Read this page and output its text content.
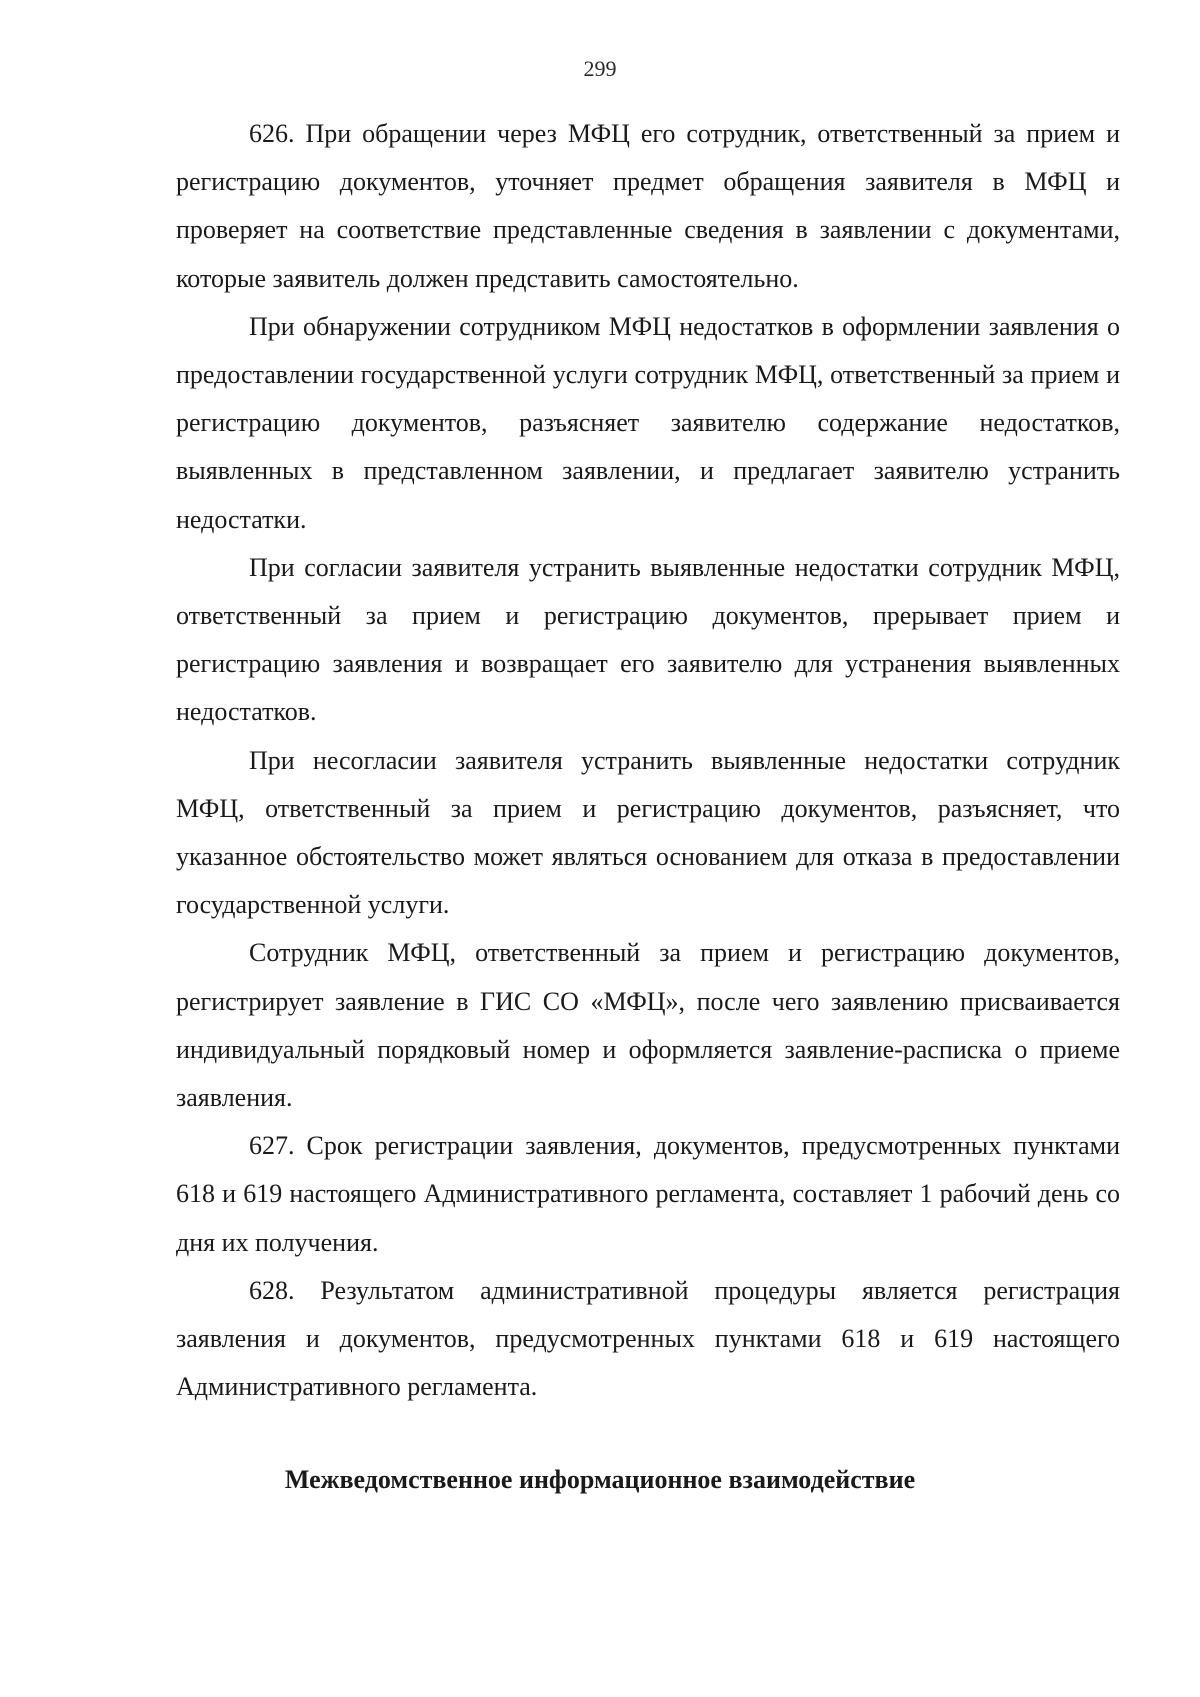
299

626. При обращении через МФЦ его сотрудник, ответственный за прием и регистрацию документов, уточняет предмет обращения заявителя в МФЦ и проверяет на соответствие представленные сведения в заявлении с документами, которые заявитель должен представить самостоятельно.

При обнаружении сотрудником МФЦ недостатков в оформлении заявления о предоставлении государственной услуги сотрудник МФЦ, ответственный за прием и регистрацию документов, разъясняет заявителю содержание недостатков, выявленных в представленном заявлении, и предлагает заявителю устранить недостатки.

При согласии заявителя устранить выявленные недостатки сотрудник МФЦ, ответственный за прием и регистрацию документов, прерывает прием и регистрацию заявления и возвращает его заявителю для устранения выявленных недостатков.

При несогласии заявителя устранить выявленные недостатки сотрудник МФЦ, ответственный за прием и регистрацию документов, разъясняет, что указанное обстоятельство может являться основанием для отказа в предоставлении государственной услуги.

Сотрудник МФЦ, ответственный за прием и регистрацию документов, регистрирует заявление в ГИС СО «МФЦ», после чего заявлению присваивается индивидуальный порядковый номер и оформляется заявление-расписка о приеме заявления.

627. Срок регистрации заявления, документов, предусмотренных пунктами 618 и 619 настоящего Административного регламента, составляет 1 рабочий день со дня их получения.

628. Результатом административной процедуры является регистрация заявления и документов, предусмотренных пунктами 618 и 619 настоящего Административного регламента.

Межведомственное информационное взаимодействие
